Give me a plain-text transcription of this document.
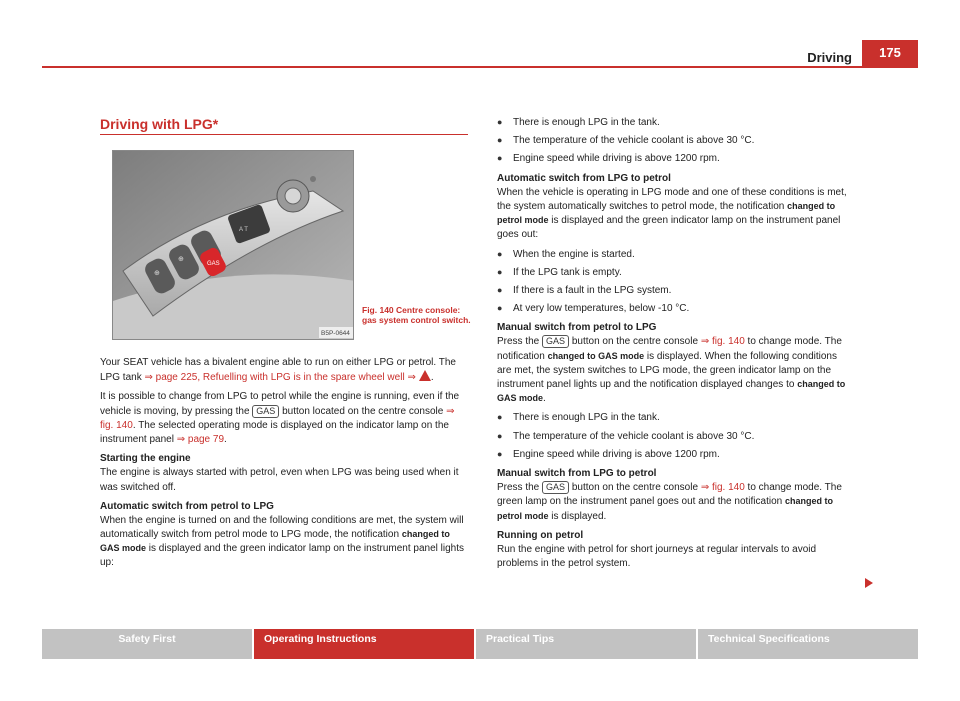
Driving	175
Driving with LPG*
⊕
⊕
GAS
A T
B5P-0644
Fig. 140 Centre console: gas system control switch.

Your SEAT vehicle has a bivalent engine able to run on either LPG or petrol. The LPG tank ⇒ page 225, Refuelling with LPG is in the spare wheel well ⇒ .

It is possible to change from LPG to petrol while the engine is running, even if the vehicle is moving, by pressing the GAS button located on the centre console ⇒ fig. 140. The selected operating mode is displayed on the indicator lamp on the instrument panel ⇒ page 79.

Starting the engine

The engine is always started with petrol, even when LPG was being used when it was switched off.

Automatic switch from petrol to LPG

When the engine is turned on and the following conditions are met, the system will automatically switch from petrol mode to LPG mode, the notification changed to GAS mode is displayed and the green indicator lamp on the instrument panel lights up:

● There is enough LPG in the tank.
● The temperature of the vehicle coolant is above 30 °C.
● Engine speed while driving is above 1200 rpm.

Automatic switch from LPG to petrol

When the vehicle is operating in LPG mode and one of these conditions is met, the system automatically switches to petrol mode, the notification changed to petrol mode is displayed and the green indicator lamp on the instrument panel goes out:

● When the engine is started.
● If the LPG tank is empty.
● If there is a fault in the LPG system.
● At very low temperatures, below -10 °C.

Manual switch from petrol to LPG

Press the GAS button on the centre console ⇒ fig. 140 to change mode. The notification changed to GAS mode is displayed. When the following conditions are met, the system switches to LPG mode, the green indicator lamp on the instrument panel lights up and the notification displayed changes to changed to GAS mode.

● There is enough LPG in the tank.
● The temperature of the vehicle coolant is above 30 °C.
● Engine speed while driving is above 1200 rpm.

Manual switch from LPG to petrol

Press the GAS button on the centre console ⇒ fig. 140 to change mode. The green lamp on the instrument panel goes out and the notification changed to petrol mode is displayed.

Running on petrol

Run the engine with petrol for short journeys at regular intervals to avoid problems in the petrol system.

Safety First	Operating Instructions	Practical Tips	Technical Specifications
